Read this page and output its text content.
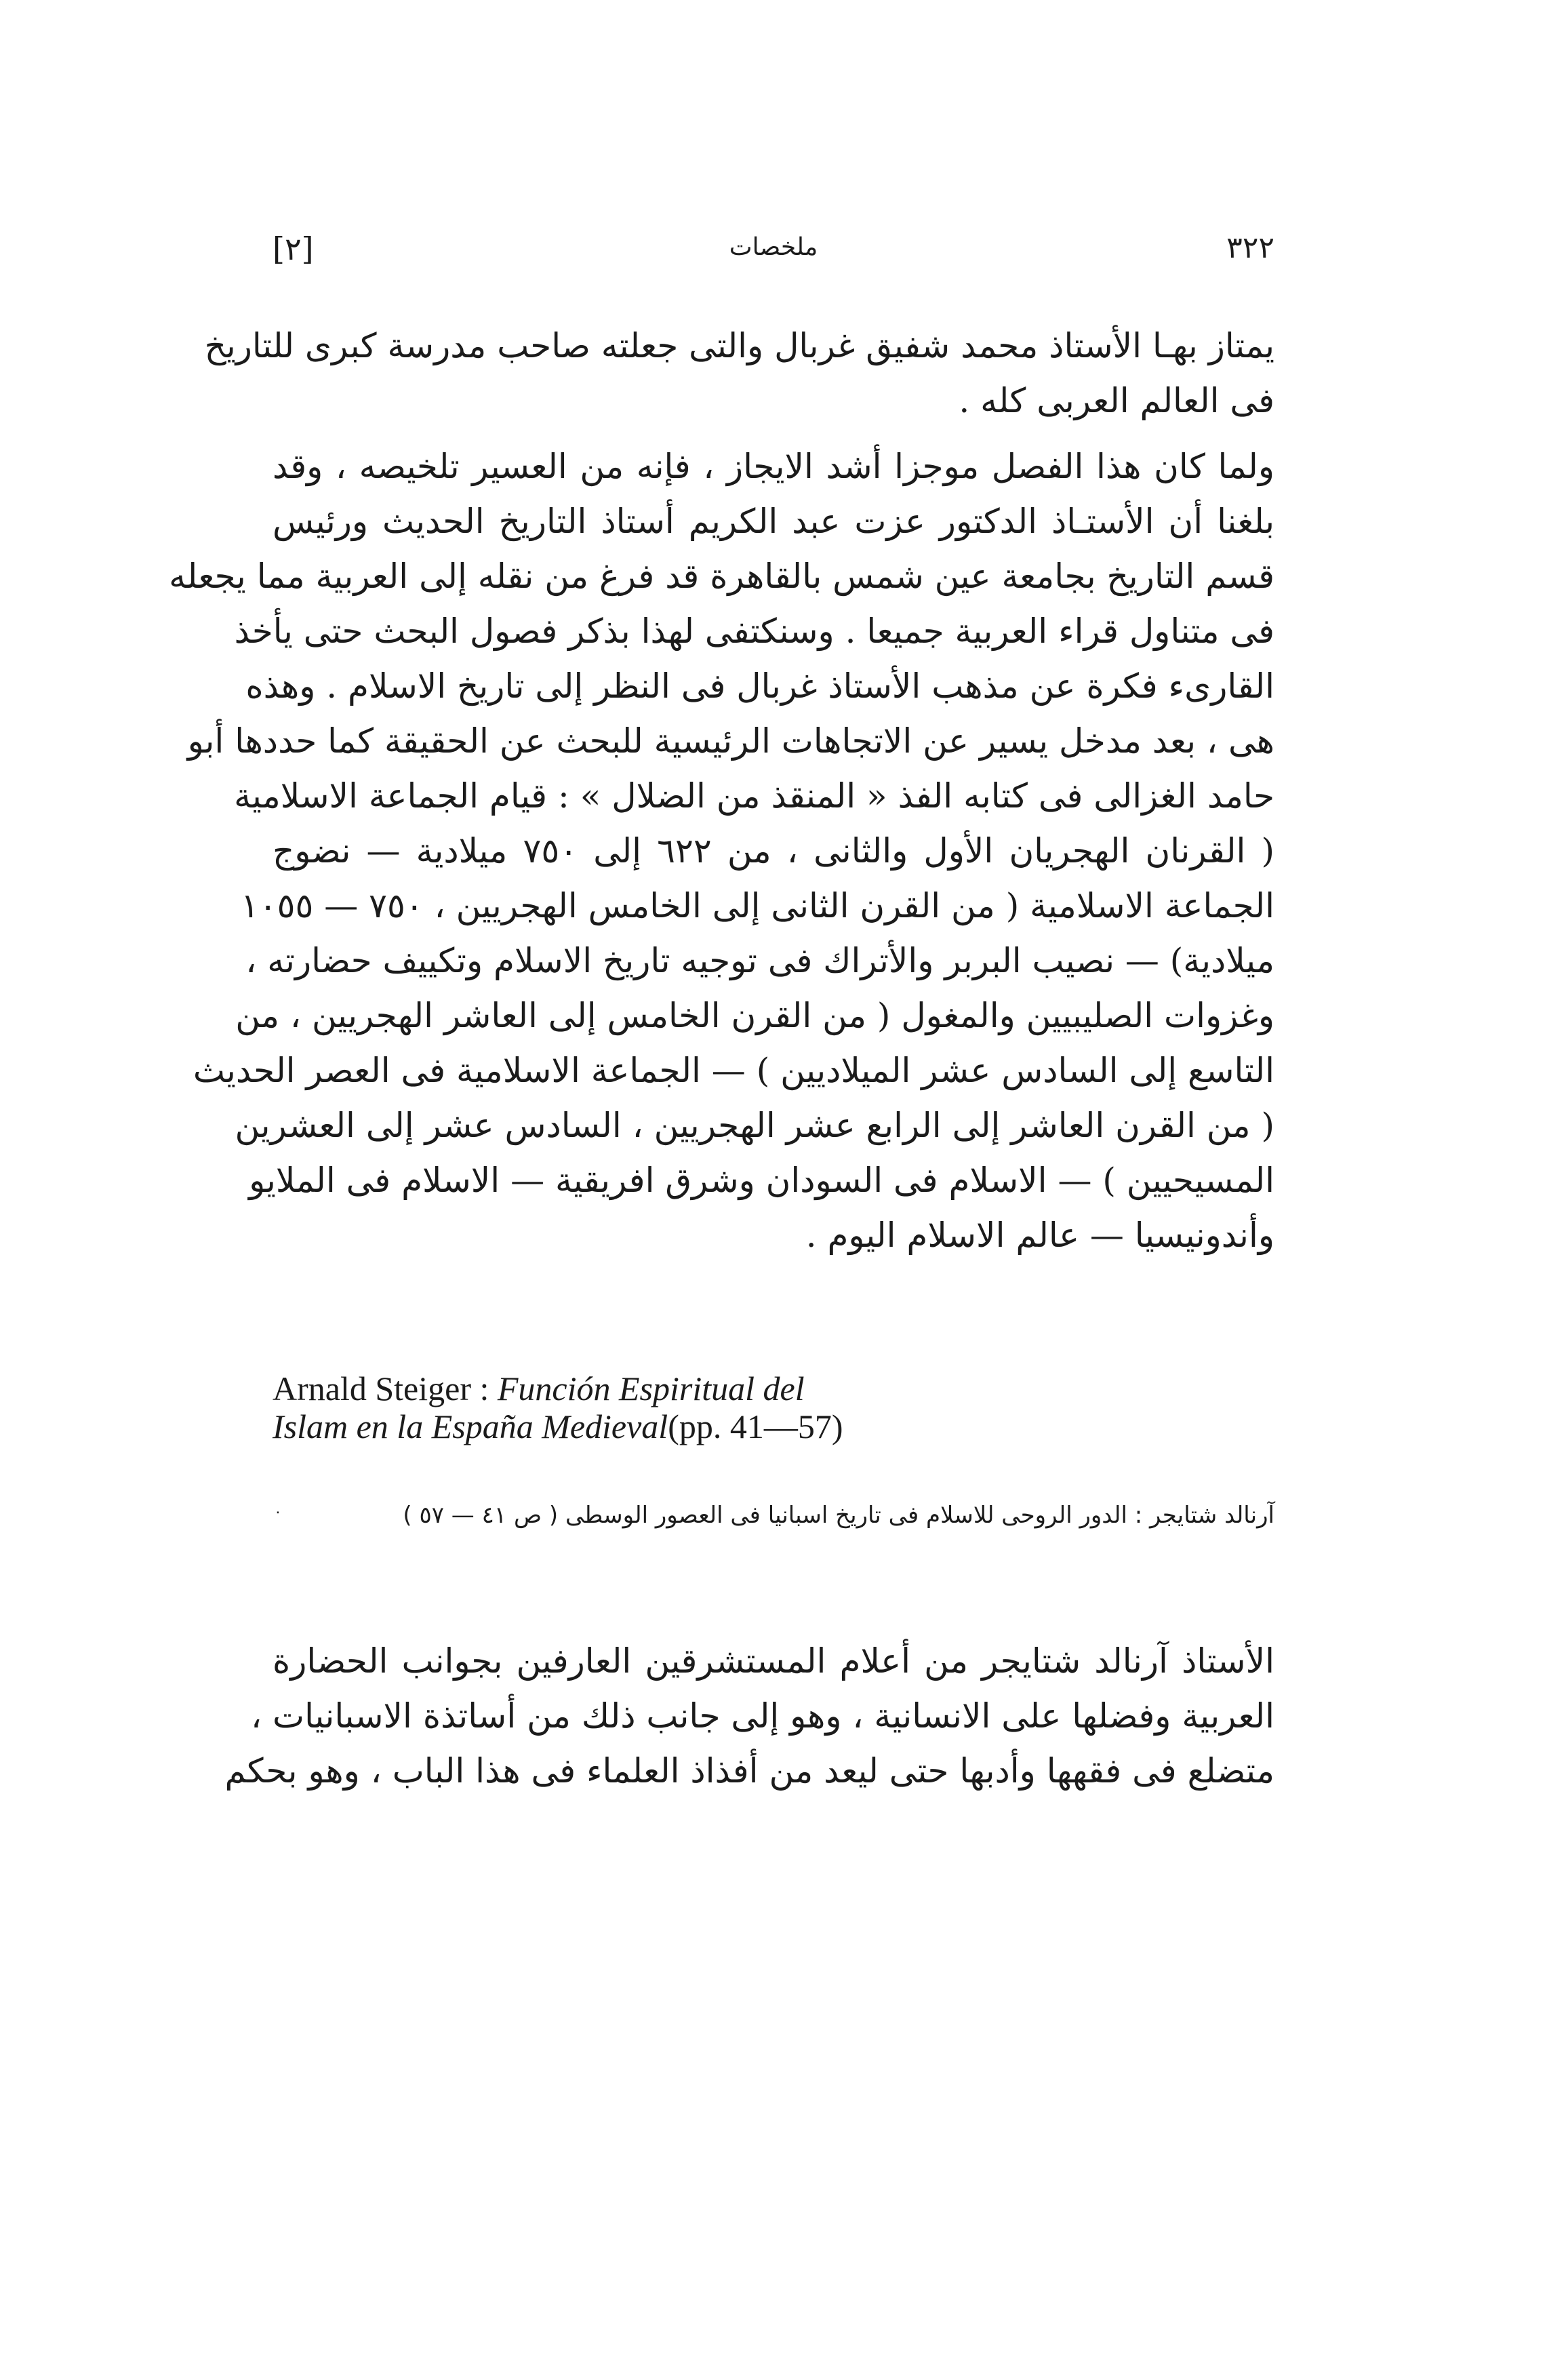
[٢]	ملخصات	٣٢٢
يمتاز بهـا الأستاذ محمد شفيق غربال والتى جعلته صاحب مدرسة كبرى للتاريخ
فى العالم العربى كله .
ولما كان هذا الفصل موجزا أشد الايجاز ، فإنه من العسير تلخيصه ، وقد
بلغنا أن الأستـاذ الدكتور عزت عبد الكريم أستاذ التاريخ الحديث ورئيس
قسم التاريخ بجامعة عين شمس بالقاهرة قد فرغ من نقله إلى العربية مما يجعله
فى متناول قراء العربية جميعا . وسنكتفى لهذا بذكر فصول البحث حتى يأخذ
القارىء فكرة عن مذهب الأستاذ غربال فى النظر إلى تاريخ الاسلام . وهذه
هى ، بعد مدخل يسير عن الاتجاهات الرئيسية للبحث عن الحقيقة كما حددها أبو
حامد الغزالى فى كتابه الفذ « المنقذ من الضلال » : قيام الجماعة الاسلامية
( القرنان الهجريان الأول والثانى ، من ٦٢٢ إلى ٧٥٠ ميلادية — نضوج
الجماعة الاسلامية ( من القرن الثانى إلى الخامس الهجريين ، ٧٥٠ — ١٠٥٥
ميلادية) — نصيب البربر والأتراك فى توجيه تاريخ الاسلام وتكييف حضارته ،
وغزوات الصليبيين والمغول ( من القرن الخامس إلى العاشر الهجريين ، من
التاسع إلى السادس عشر الميلاديين ) — الجماعة الاسلامية فى العصر الحديث
( من القرن العاشر إلى الرابع عشر الهجريين ، السادس عشر إلى العشرين
المسيحيين ) — الاسلام فى السودان وشرق افريقية — الاسلام فى الملايو
وأندونيسيا — عالم الاسلام اليوم .
Arnald Steiger : Función Espiritual del
Islam en la España Medieval(pp. 41—57)
آرنالد شتايجر : الدور الروحى للاسلام فى تاريخ اسبانيا فى العصور الوسطى ( ص ٤١ — ٥٧ )
٠
الأستاذ آرنالد شتايجر من أعلام المستشرقين العارفين بجوانب الحضارة
العربية وفضلها على الانسانية ، وهو إلى جانب ذلك من أساتذة الاسبانيات ،
متضلع فى فقهها وأدبها حتى ليعد من أفذاذ العلماء فى هذا الباب ، وهو بحكم
